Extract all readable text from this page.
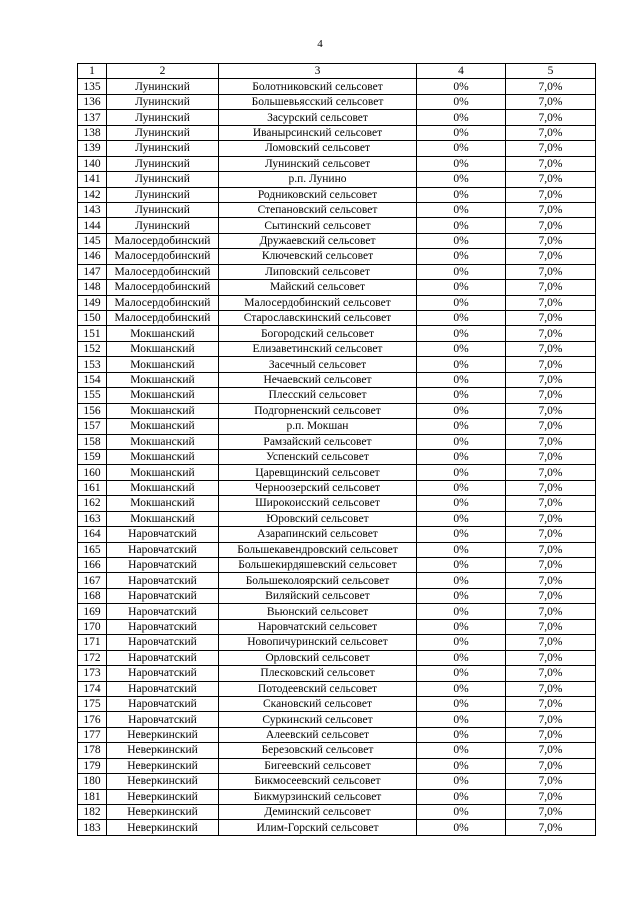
4
1	2	3	4	5
135	Лунинский	Болотниковский сельсовет	0%	7,0%
136	Лунинский	Большевьясский сельсовет	0%	7,0%
137	Лунинский	Засурский сельсовет	0%	7,0%
138	Лунинский	Иванырсинский сельсовет	0%	7,0%
139	Лунинский	Ломовский сельсовет	0%	7,0%
140	Лунинский	Лунинский сельсовет	0%	7,0%
141	Лунинский	р.п. Лунино	0%	7,0%
142	Лунинский	Родниковский сельсовет	0%	7,0%
143	Лунинский	Степановский сельсовет	0%	7,0%
144	Лунинский	Сытинский сельсовет	0%	7,0%
145	Малосердобинский	Дружаевский сельсовет	0%	7,0%
146	Малосердобинский	Ключевский сельсовет	0%	7,0%
147	Малосердобинский	Липовский сельсовет	0%	7,0%
148	Малосердобинский	Майский сельсовет	0%	7,0%
149	Малосердобинский	Малосердобинский сельсовет	0%	7,0%
150	Малосердобинский	Старославскинский сельсовет	0%	7,0%
151	Мокшанский	Богородский сельсовет	0%	7,0%
152	Мокшанский	Елизаветинский сельсовет	0%	7,0%
153	Мокшанский	Засечный сельсовет	0%	7,0%
154	Мокшанский	Нечаевский сельсовет	0%	7,0%
155	Мокшанский	Плесский сельсовет	0%	7,0%
156	Мокшанский	Подгорненский сельсовет	0%	7,0%
157	Мокшанский	р.п. Мокшан	0%	7,0%
158	Мокшанский	Рамзайский сельсовет	0%	7,0%
159	Мокшанский	Успенский сельсовет	0%	7,0%
160	Мокшанский	Царевщинский сельсовет	0%	7,0%
161	Мокшанский	Черноозерский сельсовет	0%	7,0%
162	Мокшанский	Широкоисский сельсовет	0%	7,0%
163	Мокшанский	Юровский сельсовет	0%	7,0%
164	Наровчатский	Азарапинский сельсовет	0%	7,0%
165	Наровчатский	Большекавендровский сельсовет	0%	7,0%
166	Наровчатский	Большекирдяшевский сельсовет	0%	7,0%
167	Наровчатский	Большеколоярский сельсовет	0%	7,0%
168	Наровчатский	Виляйский сельсовет	0%	7,0%
169	Наровчатский	Вьюнский сельсовет	0%	7,0%
170	Наровчатский	Наровчатский сельсовет	0%	7,0%
171	Наровчатский	Новопичуринский сельсовет	0%	7,0%
172	Наровчатский	Орловский сельсовет	0%	7,0%
173	Наровчатский	Плесковский сельсовет	0%	7,0%
174	Наровчатский	Потодеевский сельсовет	0%	7,0%
175	Наровчатский	Скановский сельсовет	0%	7,0%
176	Наровчатский	Суркинский сельсовет	0%	7,0%
177	Неверкинский	Алеевский сельсовет	0%	7,0%
178	Неверкинский	Березовский сельсовет	0%	7,0%
179	Неверкинский	Бигеевский сельсовет	0%	7,0%
180	Неверкинский	Бикмосеевский сельсовет	0%	7,0%
181	Неверкинский	Бикмурзинский сельсовет	0%	7,0%
182	Неверкинский	Деминский сельсовет	0%	7,0%
183	Неверкинский	Илим-Горский сельсовет	0%	7,0%
